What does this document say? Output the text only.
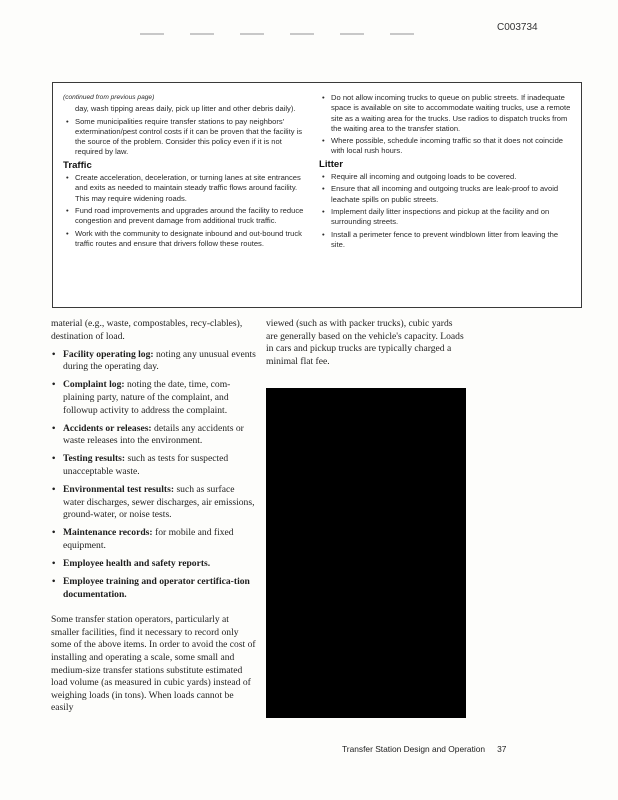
C003734
(continued from previous page)
day, wash tipping areas daily, pick up litter and other debris daily).
• Some municipalities require transfer stations to pay neighbors' extermination/pest control costs if it can be proven that the facility is the source of the problem. Consider this policy even if it is not required by law.
Traffic
• Create acceleration, deceleration, or turning lanes at site entrances and exits as needed to maintain steady traffic flows around facility. This may require widening roads.
• Fund road improvements and upgrades around the facility to reduce congestion and prevent damage from additional truck traffic.
• Work with the community to designate inbound and out-bound truck traffic routes and ensure that drivers follow these routes.
• Do not allow incoming trucks to queue on public streets. If inadequate space is available on site to accommodate waiting trucks, use a remote site as a waiting area for the trucks. Use radios to dispatch trucks from the waiting area to the transfer station.
• Where possible, schedule incoming traffic so that it does not coincide with local rush hours.
Litter
• Require all incoming and outgoing loads to be covered.
• Ensure that all incoming and outgoing trucks are leak-proof to avoid leachate spills on public streets.
• Implement daily litter inspections and pickup at the facility and on surrounding streets.
• Install a perimeter fence to prevent windblown litter from leaving the site.
material (e.g., waste, compostables, recy-clables), destination of load.
• Facility operating log: noting any unusual events during the operating day.
• Complaint log: noting the date, time, com-plaining party, nature of the complaint, and followup activity to address the complaint.
• Accidents or releases: details any accidents or waste releases into the environment.
• Testing results: such as tests for suspected unacceptable waste.
• Environmental test results: such as surface water discharges, sewer discharges, air emissions, ground-water, or noise tests.
• Maintenance records: for mobile and fixed equipment.
• Employee health and safety reports.
• Employee training and operator certifica-tion documentation.

Some transfer station operators, particularly at smaller facilities, find it necessary to record only some of the above items. In order to avoid the cost of installing and operating a scale, some small and medium-size transfer stations substitute estimated load volume (as measured in cubic yards) instead of weighing loads (in tons). When loads cannot be easily

viewed (such as with packer trucks), cubic yards are generally based on the vehicle's capacity. Loads in cars and pickup trucks are typically charged a minimal flat fee.

Transfer Station Design and Operation 37
